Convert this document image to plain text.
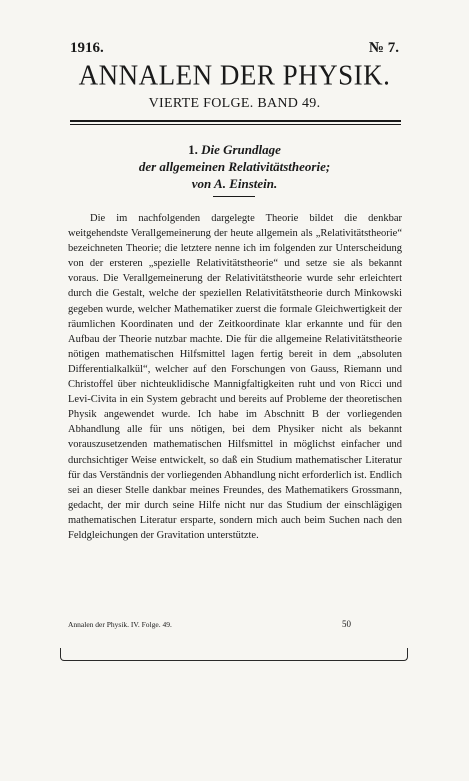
1916.	№ 7.
ANNALEN DER PHYSIK.
VIERTE FOLGE. BAND 49.
1. Die Grundlage
der allgemeinen Relativitätstheorie;
von A. Einstein.

Die im nachfolgenden dargelegte Theorie bildet die denkbar weitgehendste Verallgemeinerung der heute allgemein als „Relativitätstheorie“ bezeichneten Theorie; die letztere nenne ich im folgenden zur Unterscheidung von der ersteren „spezielle Relativitätstheorie“ und setze sie als bekannt voraus. Die Verallgemeinerung der Relativitätstheorie wurde sehr erleichtert durch die Gestalt, welche der speziellen Relativitätstheorie durch Minkowski gegeben wurde, welcher Mathematiker zuerst die formale Gleichwertigkeit der räumlichen Koordinaten und der Zeitkoordinate klar erkannte und für den Aufbau der Theorie nutzbar machte. Die für die allgemeine Relativitätstheorie nötigen mathematischen Hilfsmittel lagen fertig bereit in dem „absoluten Differentialkalkül“, welcher auf den Forschungen von Gauss, Riemann und Christoffel über nichteuklidische Mannigfaltigkeiten ruht und von Ricci und Levi-Civita in ein System gebracht und bereits auf Probleme der theoretischen Physik angewendet wurde. Ich habe im Abschnitt B der vorliegenden Abhandlung alle für uns nötigen, bei dem Physiker nicht als bekannt vorauszusetzenden mathematischen Hilfsmittel in möglichst einfacher und durchsichtiger Weise entwickelt, so daß ein Studium mathematischer Literatur für das Verständnis der vorliegenden Abhandlung nicht erforderlich ist. Endlich sei an dieser Stelle dankbar meines Freundes, des Mathematikers Grossmann, gedacht, der mir durch seine Hilfe nicht nur das Studium der einschlägigen mathematischen Literatur ersparte, sondern mich auch beim Suchen nach den Feldgleichungen der Gravitation unterstützte.

Annalen der Physik. IV. Folge. 49.	50
